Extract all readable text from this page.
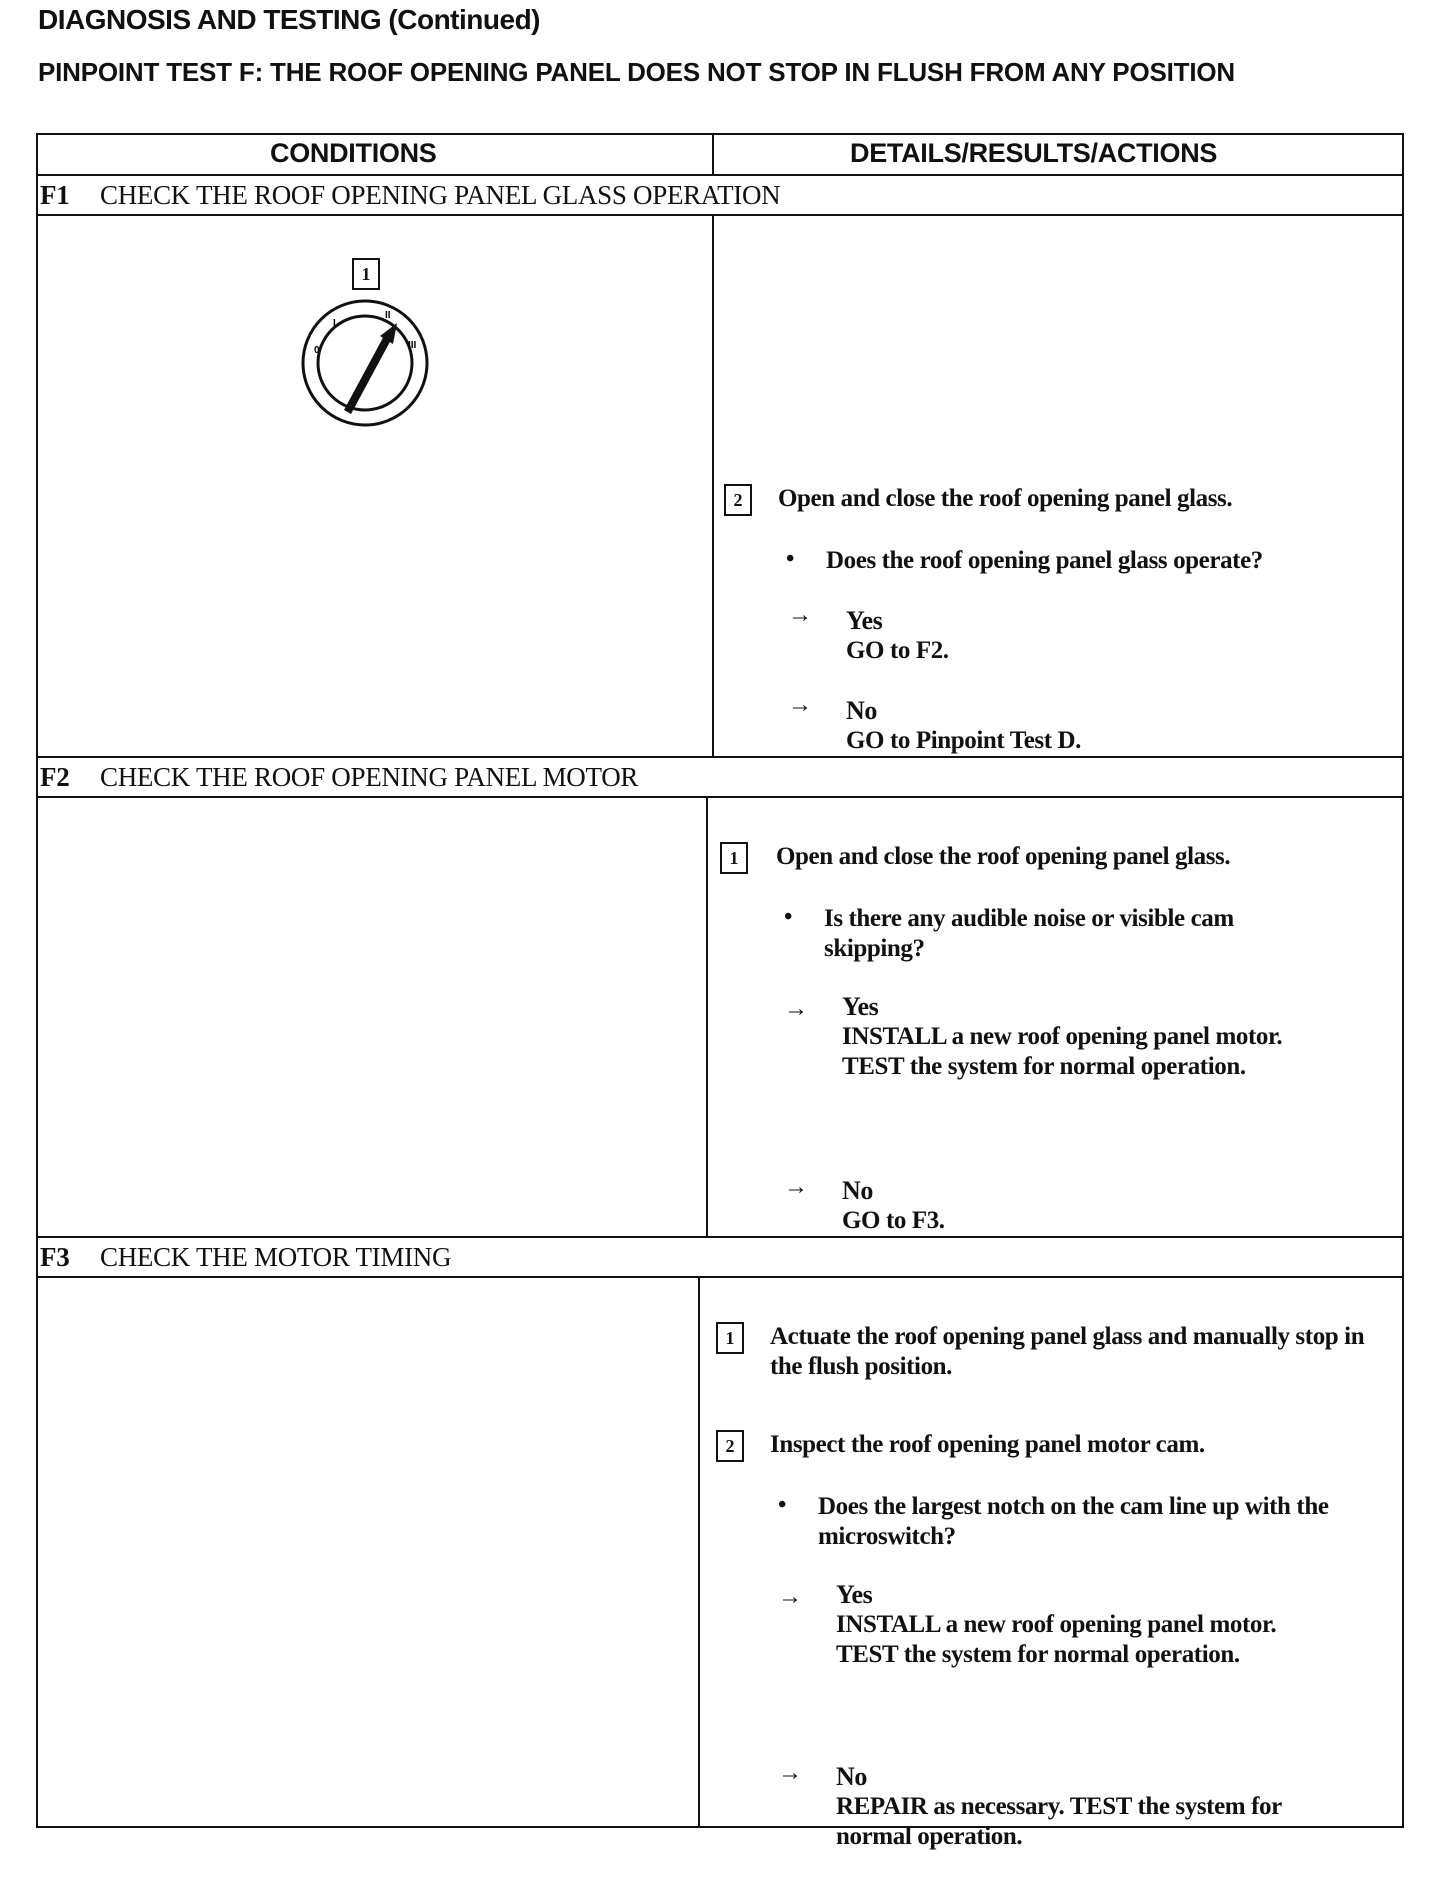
DIAGNOSIS AND TESTING (Continued)
PINPOINT TEST F: THE ROOF OPENING PANEL DOES NOT STOP IN FLUSH FROM ANY POSITION
CONDITIONS	DETAILS/RESULTS/ACTIONS
F1 CHECK THE ROOF OPENING PANEL GLASS OPERATION
1
0
I
II
III
2	Open and close the roof opening panel glass.
• Does the roof opening panel glass operate?
→ Yes
GO to F2.
→ No
GO to Pinpoint Test D.
F2 CHECK THE ROOF OPENING PANEL MOTOR
1	Open and close the roof opening panel glass.
• Is there any audible noise or visible cam skipping?
→ Yes
INSTALL a new roof opening panel motor.
TEST the system for normal operation.
→ No
GO to F3.
F3 CHECK THE MOTOR TIMING
1	Actuate the roof opening panel glass and manually stop in the flush position.
2	Inspect the roof opening panel motor cam.
• Does the largest notch on the cam line up with the microswitch?
→ Yes
INSTALL a new roof opening panel motor.
TEST the system for normal operation.
→ No
REPAIR as necessary. TEST the system for normal operation.
